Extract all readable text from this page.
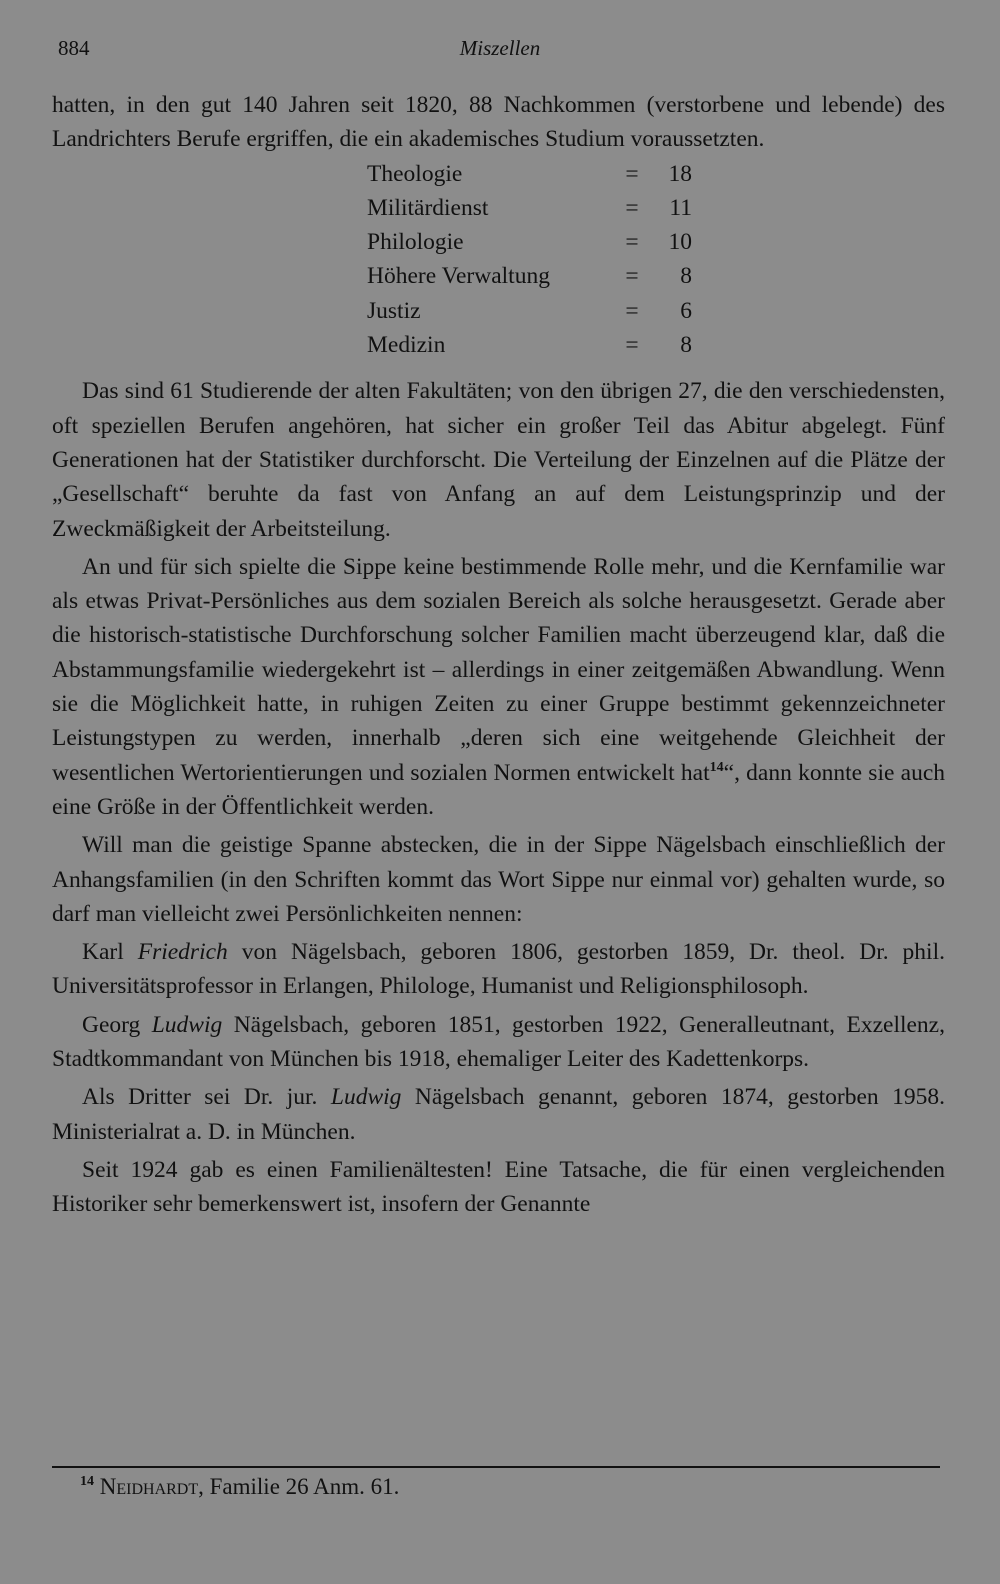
884	Miszellen

hatten, in den gut 140 Jahren seit 1820, 88 Nachkommen (verstorbene und lebende) des Landrichters Berufe ergriffen, die ein akademisches Studium voraussetzten.

Theologie	=	18
Militärdienst	=	11
Philologie	=	10
Höhere Verwaltung	=	8
Justiz	=	6
Medizin	=	8

Das sind 61 Studierende der alten Fakultäten; von den übrigen 27, die den verschiedensten, oft speziellen Berufen angehören, hat sicher ein großer Teil das Abitur abgelegt. Fünf Generationen hat der Statistiker durchforscht. Die Verteilung der Einzelnen auf die Plätze der „Gesellschaft“ beruhte da fast von Anfang an auf dem Leistungsprinzip und der Zweckmäßigkeit der Arbeitsteilung.

An und für sich spielte die Sippe keine bestimmende Rolle mehr, und die Kernfamilie war als etwas Privat-Persönliches aus dem sozialen Bereich als solche herausgesetzt. Gerade aber die historisch-statistische Durchforschung solcher Familien macht überzeugend klar, daß die Abstammungsfamilie wiedergekehrt ist – allerdings in einer zeitgemäßen Abwandlung. Wenn sie die Möglichkeit hatte, in ruhigen Zeiten zu einer Gruppe bestimmt gekennzeichneter Leistungstypen zu werden, innerhalb „deren sich eine weitgehende Gleichheit der wesentlichen Wertorientierungen und sozialen Normen entwickelt hat$^{14}$“, dann konnte sie auch eine Größe in der Öffentlichkeit werden.

Will man die geistige Spanne abstecken, die in der Sippe Nägelsbach einschließlich der Anhangsfamilien (in den Schriften kommt das Wort Sippe nur einmal vor) gehalten wurde, so darf man vielleicht zwei Persönlichkeiten nennen:

Karl Friedrich von Nägelsbach, geboren 1806, gestorben 1859, Dr. theol. Dr. phil. Universitätsprofessor in Erlangen, Philologe, Humanist und Religionsphilosoph.

Georg Ludwig Nägelsbach, geboren 1851, gestorben 1922, Generalleutnant, Exzellenz, Stadtkommandant von München bis 1918, ehemaliger Leiter des Kadettenkorps.

Als Dritter sei Dr. jur. Ludwig Nägelsbach genannt, geboren 1874, gestorben 1958. Ministerialrat a. D. in München.

Seit 1924 gab es einen Familienältesten! Eine Tatsache, die für einen vergleichenden Historiker sehr bemerkenswert ist, insofern der Genannte

$^{14}$ Neidhardt, Familie 26 Anm. 61.
